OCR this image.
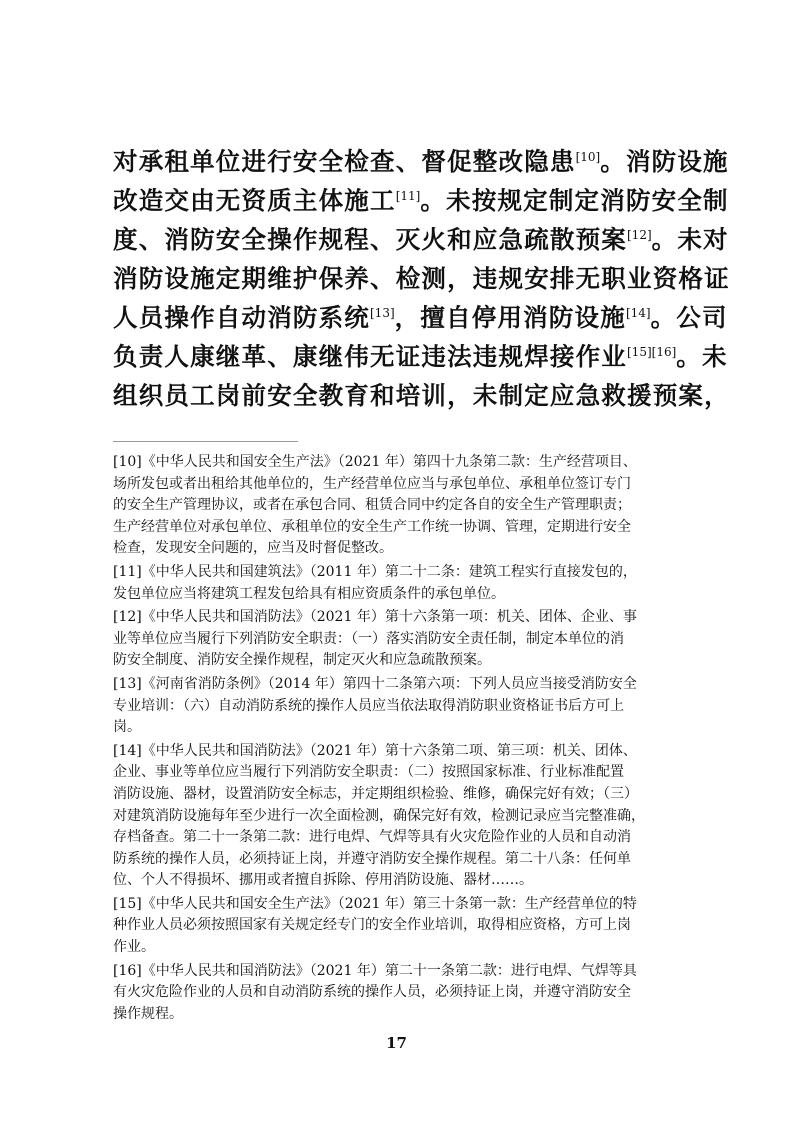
对承租单位进行安全检查、督促整改隐患[10]。消防设施
改造交由无资质主体施工[11]。未按规定制定消防安全制
度、消防安全操作规程、灭火和应急疏散预案[12]。未对
消防设施定期维护保养、检测，违规安排无职业资格证
人员操作自动消防系统[13]，擅自停用消防设施[14]。公司
负责人康继革、康继伟无证违法违规焊接作业[15][16]。未
组织员工岗前安全教育和培训，未制定应急救援预案，
[10]《中华人民共和国安全生产法》（2021 年）第四十九条第二款：生产经营项目、
场所发包或者出租给其他单位的，生产经营单位应当与承包单位、承租单位签订专门
的安全生产管理协议，或者在承包合同、租赁合同中约定各自的安全生产管理职责；
生产经营单位对承包单位、承租单位的安全生产工作统一协调、管理，定期进行安全
检查，发现安全问题的，应当及时督促整改。
[11]《中华人民共和国建筑法》（2011 年）第二十二条：建筑工程实行直接发包的，
发包单位应当将建筑工程发包给具有相应资质条件的承包单位。
[12]《中华人民共和国消防法》（2021 年）第十六条第一项：机关、团体、企业、事
业等单位应当履行下列消防安全职责：（一）落实消防安全责任制，制定本单位的消
防安全制度、消防安全操作规程，制定灭火和应急疏散预案。
[13]《河南省消防条例》（2014 年）第四十二条第六项：下列人员应当接受消防安全
专业培训：（六）自动消防系统的操作人员应当依法取得消防职业资格证书后方可上
岗。
[14]《中华人民共和国消防法》（2021 年）第十六条第二项、第三项：机关、团体、
企业、事业等单位应当履行下列消防安全职责：（二）按照国家标准、行业标准配置
消防设施、器材，设置消防安全标志，并定期组织检验、维修，确保完好有效；（三）
对建筑消防设施每年至少进行一次全面检测，确保完好有效，检测记录应当完整准确，
存档备查。第二十一条第二款：进行电焊、气焊等具有火灾危险作业的人员和自动消
防系统的操作人员，必须持证上岗，并遵守消防安全操作规程。第二十八条：任何单
位、个人不得损坏、挪用或者擅自拆除、停用消防设施、器材……。
[15]《中华人民共和国安全生产法》（2021 年）第三十条第一款：生产经营单位的特
种作业人员必须按照国家有关规定经专门的安全作业培训，取得相应资格，方可上岗
作业。
[16]《中华人民共和国消防法》（2021 年）第二十一条第二款：进行电焊、气焊等具
有火灾危险作业的人员和自动消防系统的操作人员，必须持证上岗，并遵守消防安全
操作规程。
17
